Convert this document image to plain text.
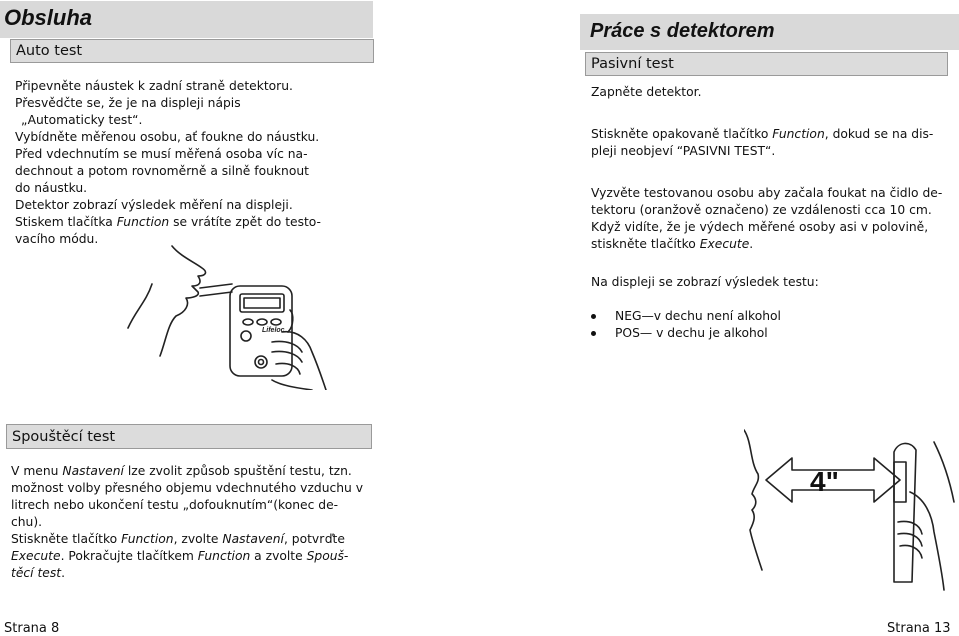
Obsluha
Auto test
Připevněte náustek k zadní straně detektoru.
Přesvědčte se, že je na displeji nápis
„Automaticky test“.
Vybídněte měřenou osobu, ať foukne do náustku.
Před vdechnutím se musí měřená osoba víc na-
dechnout a potom rovnoměrně a silně fouknout
do náustku.
Detektor zobrazí výsledek měření na displeji.
Stiskem tlačítka Function se vrátíte zpět do testo-
vacího módu.
Lifeloc
Spouštěcí test
V menu Nastavení lze zvolit způsob spuštění testu, tzn.
možnost volby přesného objemu vdechnutého vzduchu v
litrech nebo ukončení testu „dofouknutím“(konec de-
chu).
Stiskněte tlačítko Function, zvolte Nastavení, potvrďte
Execute. Pokračujte tlačítkem Function a zvolte Spouš-
těcí test.
Strana 8
Práce s detektorem
Pasivní test
Zapněte detektor.
Stiskněte opakovaně tlačítko Function, dokud se na dis-
pleji neobjeví “PASIVNI TEST“.
Vyzvěte testovanou osobu aby začala foukat na čidlo de-
tektoru (oranžově označeno) ze vzdálenosti cca 10 cm.
Když vidíte, že je výdech měřené osoby asi v polovině,
stiskněte tlačítko Execute.
Na displeji se zobrazí výsledek testu:
NEG—v dechu není alkohol
POS— v dechu je alkohol
4"
Strana 13
